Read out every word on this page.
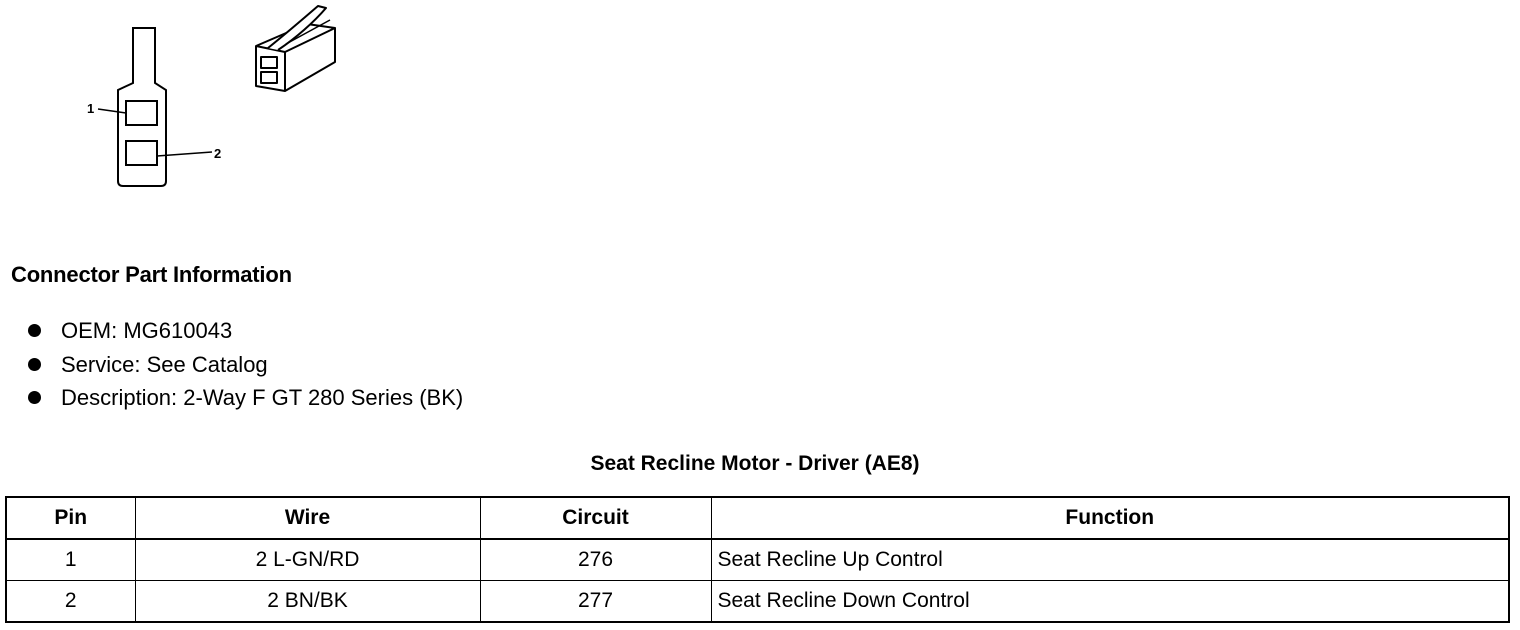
1
2
Connector Part Information
OEM: MG610043
Service: See Catalog
Description: 2-Way F GT 280 Series (BK)
Seat Recline Motor - Driver (AE8)
Pin	Wire	Circuit	Function
1	2 L-GN/RD	276	Seat Recline Up Control
2	2 BN/BK	277	Seat Recline Down Control
